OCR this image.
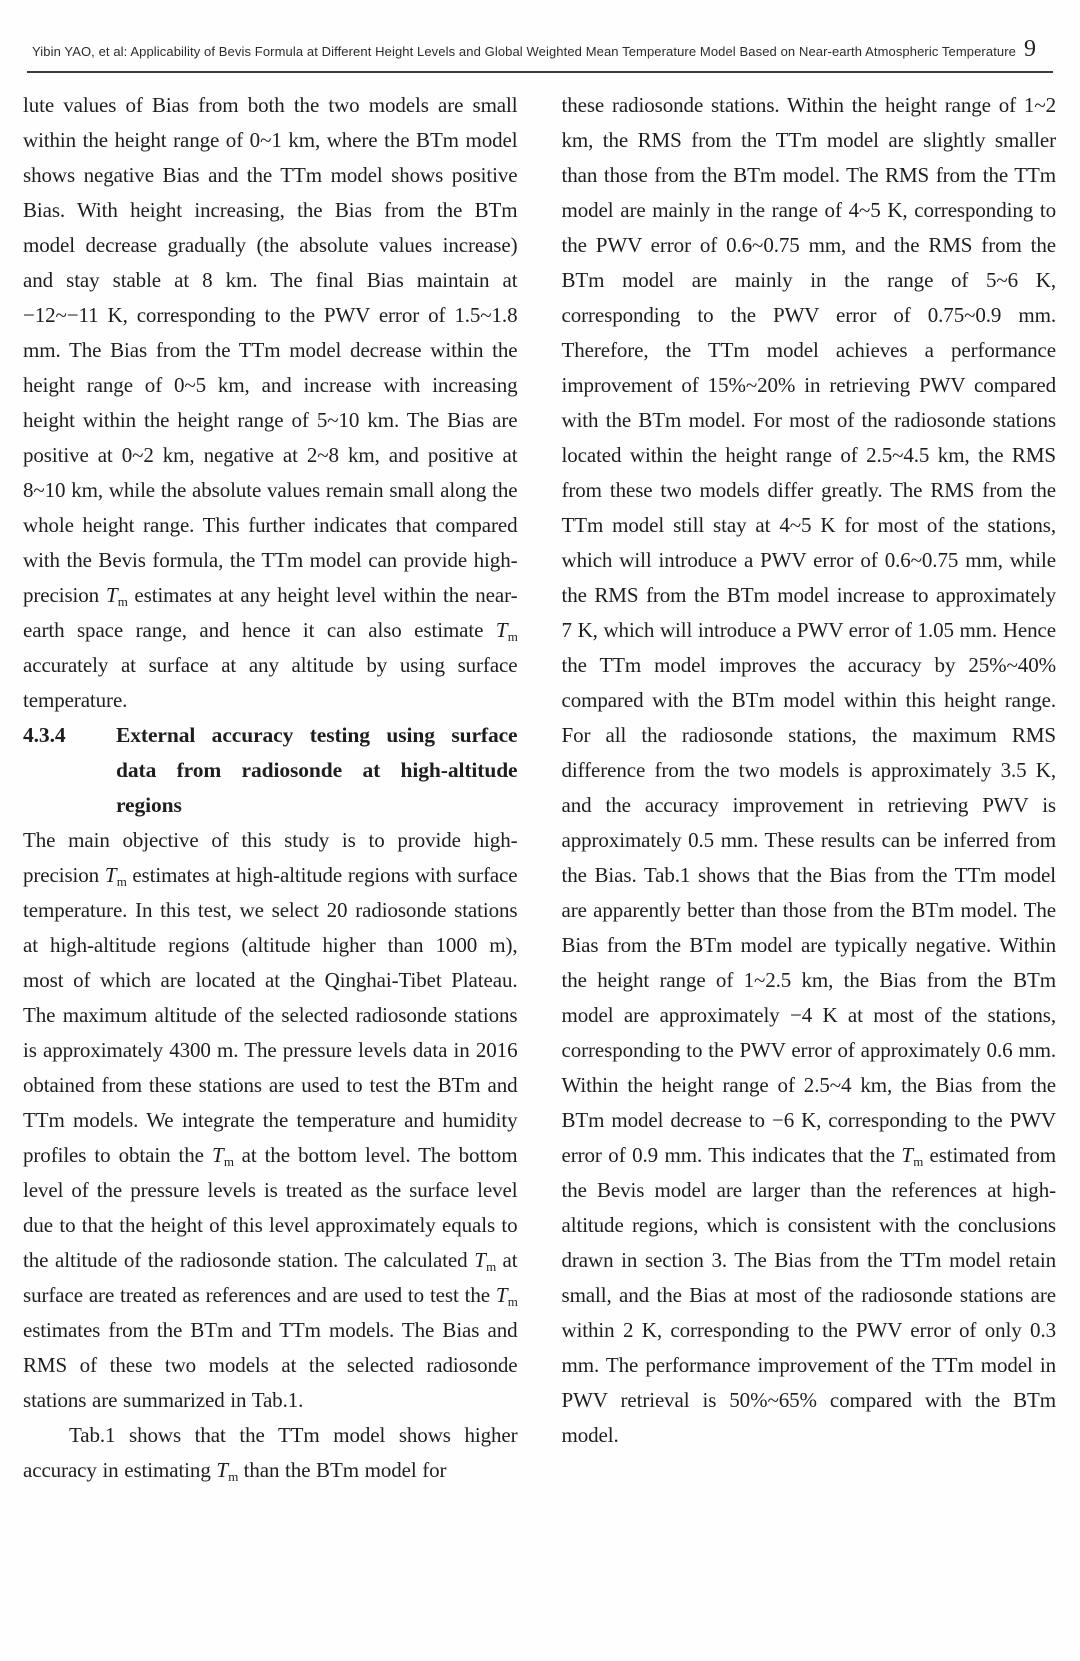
Yibin YAO, et al: Applicability of Bevis Formula at Different Height Levels and Global Weighted Mean Temperature Model Based on Near-earth Atmospheric Temperature 9

lute values of Bias from both the two models are small within the height range of 0~1 km, where the BTm model shows negative Bias and the TTm model shows positive Bias. With height increasing, the Bias from the BTm model decrease gradually (the absolute values increase) and stay stable at 8 km. The final Bias maintain at −12~−11 K, corresponding to the PWV error of 1.5~1.8 mm. The Bias from the TTm model decrease within the height range of 0~5 km, and increase with increasing height within the height range of 5~10 km. The Bias are positive at 0~2 km, negative at 2~8 km, and positive at 8~10 km, while the absolute values remain small along the whole height range. This further indicates that compared with the Bevis formula, the TTm model can provide high-precision $T_m$ estimates at any height level within the near-earth space range, and hence it can also estimate $T_m$ accurately at surface at any altitude by using surface temperature.

4.3.4 External accuracy testing using surface data from radiosonde at high-altitude regions

The main objective of this study is to provide high-precision $T_m$ estimates at high-altitude regions with surface temperature. In this test, we select 20 radiosonde stations at high-altitude regions (altitude higher than 1000 m), most of which are located at the Qinghai-Tibet Plateau. The maximum altitude of the selected radiosonde stations is approximately 4300 m. The pressure levels data in 2016 obtained from these stations are used to test the BTm and TTm models. We integrate the temperature and humidity profiles to obtain the $T_m$ at the bottom level. The bottom level of the pressure levels is treated as the surface level due to that the height of this level approximately equals to the altitude of the radiosonde station. The calculated $T_m$ at surface are treated as references and are used to test the $T_m$ estimates from the BTm and TTm models. The Bias and RMS of these two models at the selected radiosonde stations are summarized in Tab.1.

Tab.1 shows that the TTm model shows higher accuracy in estimating $T_m$ than the BTm model for

these radiosonde stations. Within the height range of 1~2 km, the RMS from the TTm model are slightly smaller than those from the BTm model. The RMS from the TTm model are mainly in the range of 4~5 K, corresponding to the PWV error of 0.6~0.75 mm, and the RMS from the BTm model are mainly in the range of 5~6 K, corresponding to the PWV error of 0.75~0.9 mm. Therefore, the TTm model achieves a performance improvement of 15%~20% in retrieving PWV compared with the BTm model. For most of the radiosonde stations located within the height range of 2.5~4.5 km, the RMS from these two models differ greatly. The RMS from the TTm model still stay at 4~5 K for most of the stations, which will introduce a PWV error of 0.6~0.75 mm, while the RMS from the BTm model increase to approximately 7 K, which will introduce a PWV error of 1.05 mm. Hence the TTm model improves the accuracy by 25%~40% compared with the BTm model within this height range. For all the radiosonde stations, the maximum RMS difference from the two models is approximately 3.5 K, and the accuracy improvement in retrieving PWV is approximately 0.5 mm. These results can be inferred from the Bias. Tab.1 shows that the Bias from the TTm model are apparently better than those from the BTm model. The Bias from the BTm model are typically negative. Within the height range of 1~2.5 km, the Bias from the BTm model are approximately −4 K at most of the stations, corresponding to the PWV error of approximately 0.6 mm. Within the height range of 2.5~4 km, the Bias from the BTm model decrease to −6 K, corresponding to the PWV error of 0.9 mm. This indicates that the $T_m$ estimated from the Bevis model are larger than the references at high-altitude regions, which is consistent with the conclusions drawn in section 3. The Bias from the TTm model retain small, and the Bias at most of the radiosonde stations are within 2 K, corresponding to the PWV error of only 0.3 mm. The performance improvement of the TTm model in PWV retrieval is 50%~65% compared with the BTm model.
